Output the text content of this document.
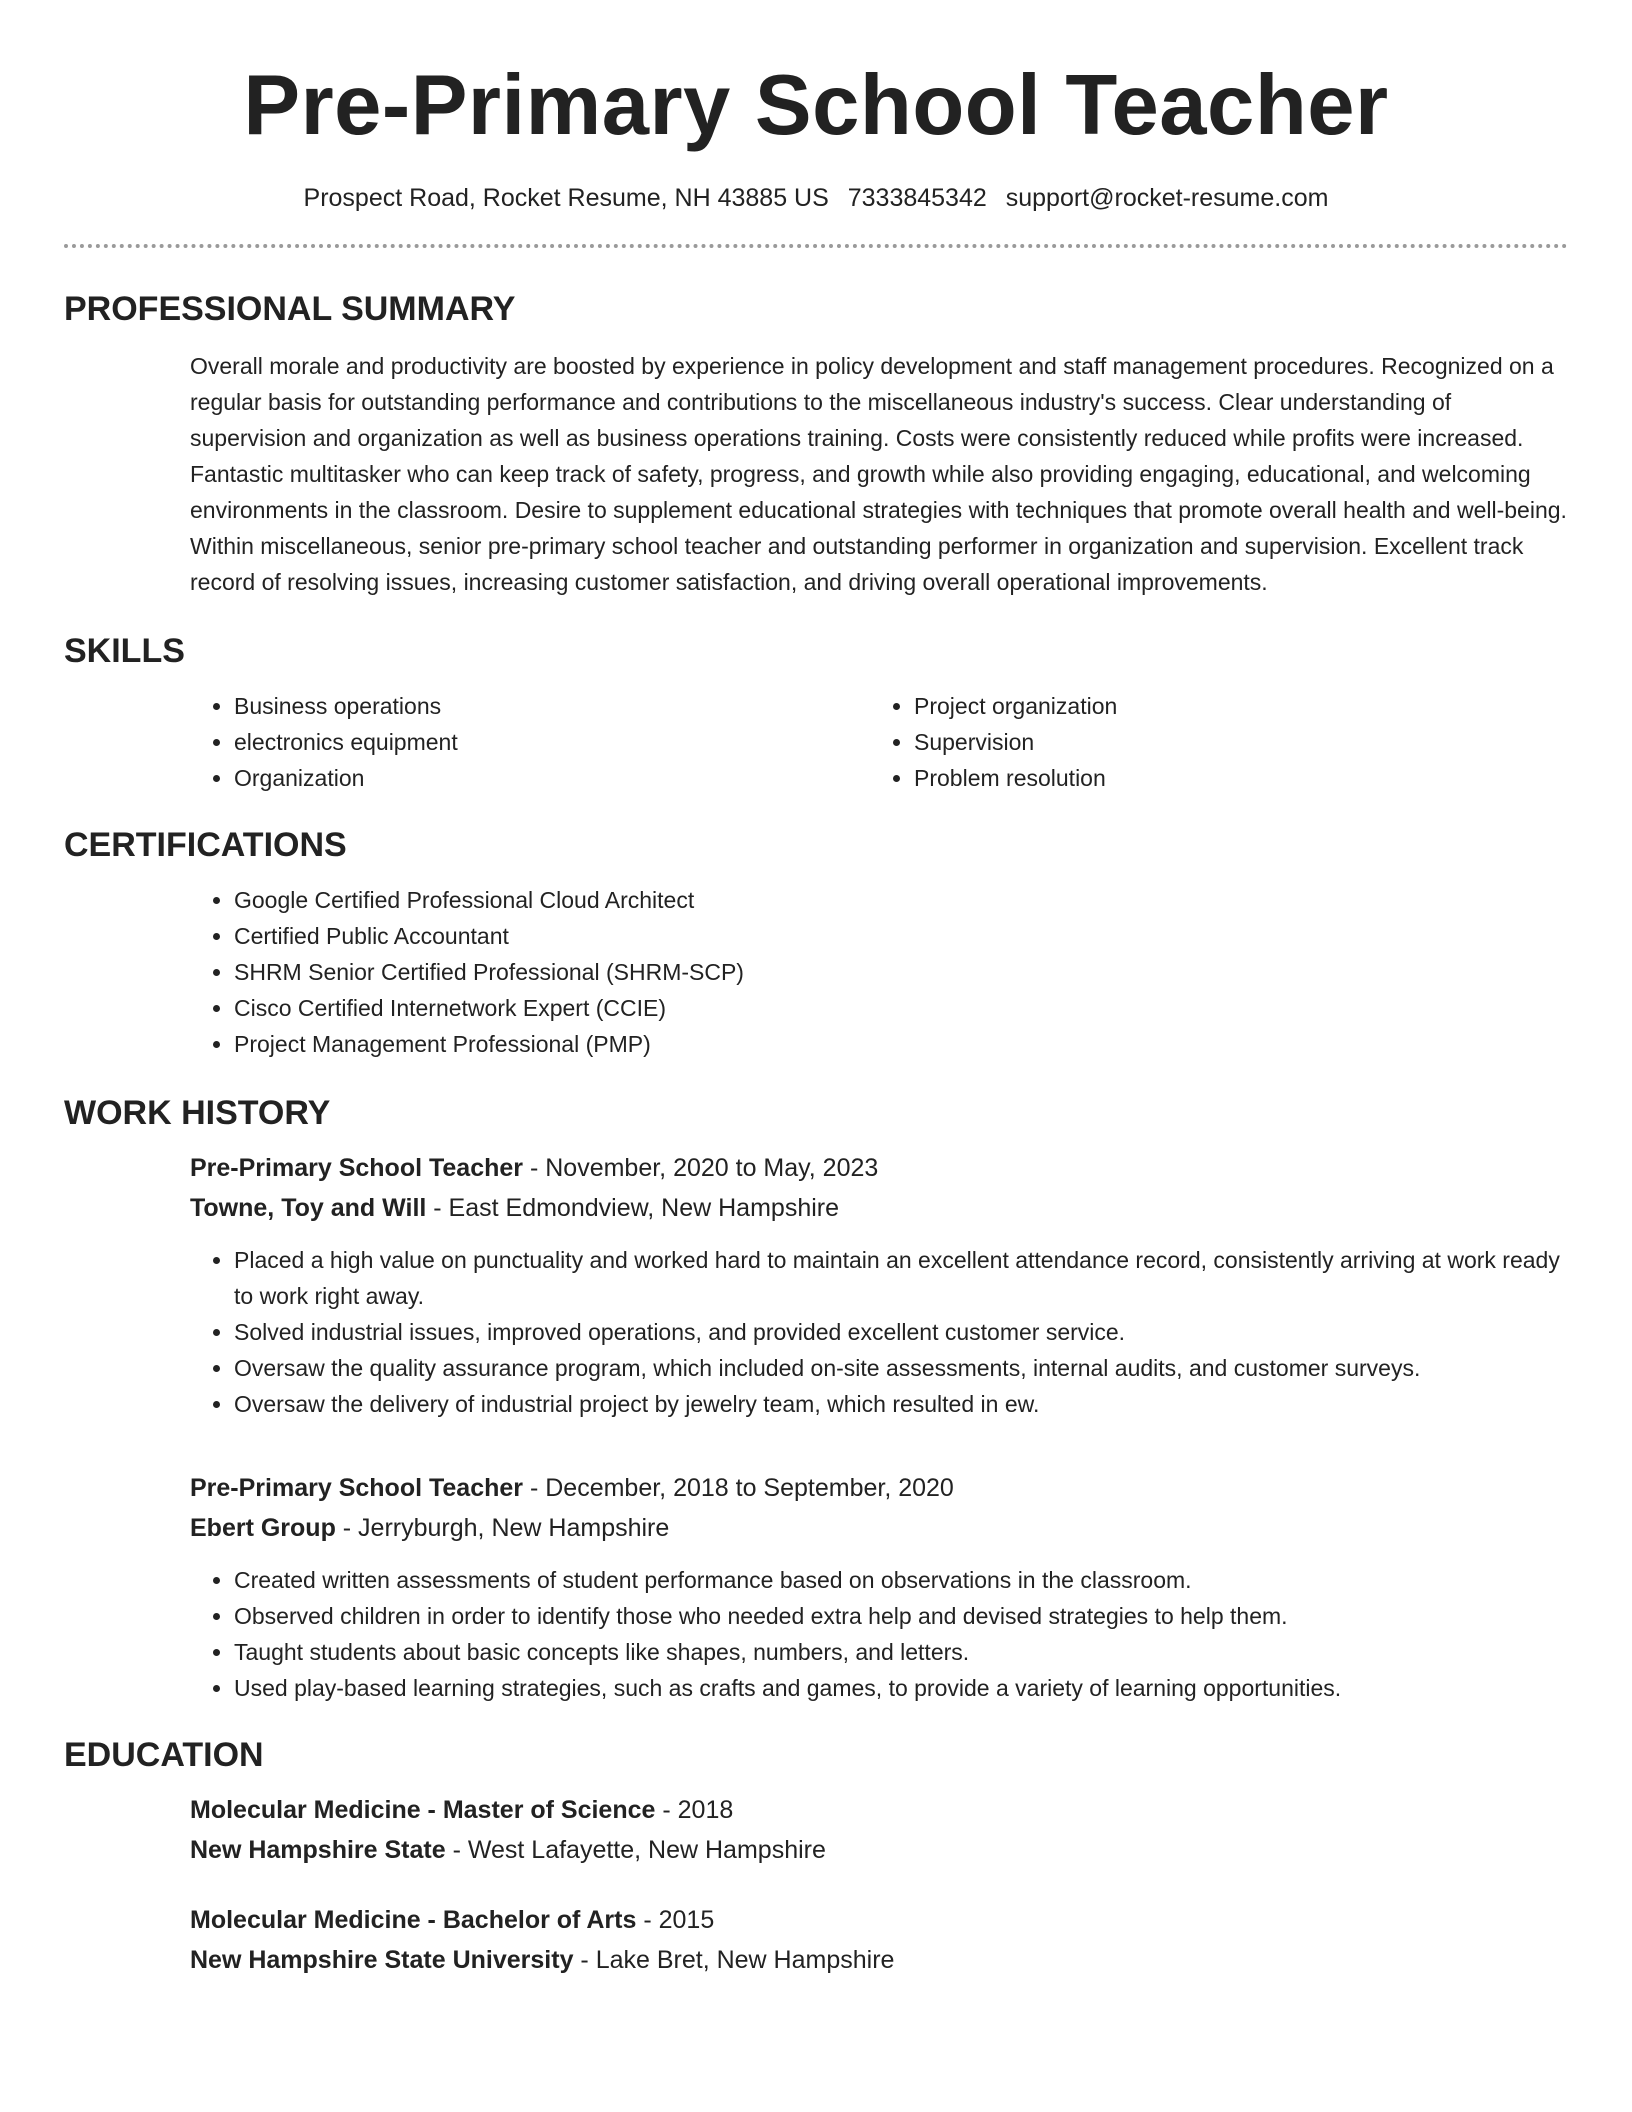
Pre-Primary School Teacher
Prospect Road, Rocket Resume, NH 43885 US 7333845342 support@rocket-resume.com
PROFESSIONAL SUMMARY

Overall morale and productivity are boosted by experience in policy development and staff management procedures. Recognized on a regular basis for outstanding performance and contributions to the miscellaneous industry's success. Clear understanding of supervision and organization as well as business operations training. Costs were consistently reduced while profits were increased. Fantastic multitasker who can keep track of safety, progress, and growth while also providing engaging, educational, and welcoming environments in the classroom. Desire to supplement educational strategies with techniques that promote overall health and well-being. Within miscellaneous, senior pre-primary school teacher and outstanding performer in organization and supervision. Excellent track record of resolving issues, increasing customer satisfaction, and driving overall operational improvements.

SKILLS
• Business operations
• electronics equipment
• Organization
• Project organization
• Supervision
• Problem resolution
CERTIFICATIONS
• Google Certified Professional Cloud Architect
• Certified Public Accountant
• SHRM Senior Certified Professional (SHRM-SCP)
• Cisco Certified Internetwork Expert (CCIE)
• Project Management Professional (PMP)
WORK HISTORY
Pre-Primary School Teacher - November, 2020 to May, 2023
Towne, Toy and Will - East Edmondview, New Hampshire
• Placed a high value on punctuality and worked hard to maintain an excellent attendance record, consistently arriving at work ready to work right away.
• Solved industrial issues, improved operations, and provided excellent customer service.
• Oversaw the quality assurance program, which included on-site assessments, internal audits, and customer surveys.
• Oversaw the delivery of industrial project by jewelry team, which resulted in ew.
Pre-Primary School Teacher - December, 2018 to September, 2020
Ebert Group - Jerryburgh, New Hampshire
• Created written assessments of student performance based on observations in the classroom.
• Observed children in order to identify those who needed extra help and devised strategies to help them.
• Taught students about basic concepts like shapes, numbers, and letters.
• Used play-based learning strategies, such as crafts and games, to provide a variety of learning opportunities.
EDUCATION
Molecular Medicine - Master of Science - 2018
New Hampshire State - West Lafayette, New Hampshire
Molecular Medicine - Bachelor of Arts - 2015
New Hampshire State University - Lake Bret, New Hampshire
